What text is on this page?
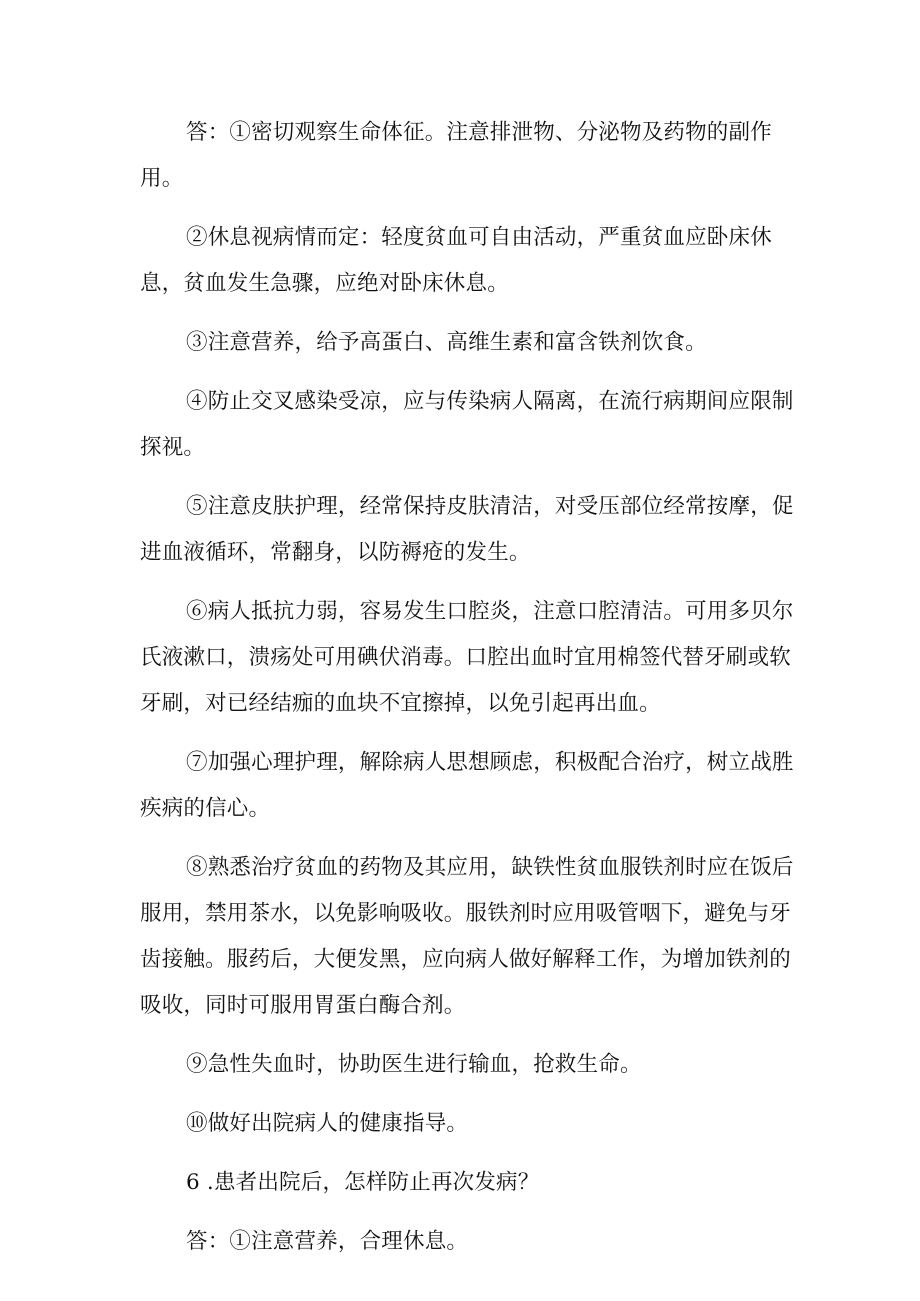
答：①密切观察生命体征。注意排泄物、分泌物及药物的副作用。

②休息视病情而定：轻度贫血可自由活动，严重贫血应卧床休息，贫血发生急骤，应绝对卧床休息。

③注意营养，给予高蛋白、高维生素和富含铁剂饮食。

④防止交叉感染受凉，应与传染病人隔离，在流行病期间应限制探视。

⑤注意皮肤护理，经常保持皮肤清洁，对受压部位经常按摩，促进血液循环，常翻身，以防褥疮的发生。

⑥病人抵抗力弱，容易发生口腔炎，注意口腔清洁。可用多贝尔氏液漱口，溃疡处可用碘伏消毒。口腔出血时宜用棉签代替牙刷或软牙刷，对已经结痂的血块不宜擦掉，以免引起再出血。

⑦加强心理护理，解除病人思想顾虑，积极配合治疗，树立战胜疾病的信心。

⑧熟悉治疗贫血的药物及其应用，缺铁性贫血服铁剂时应在饭后服用，禁用茶水，以免影响吸收。服铁剂时应用吸管咽下，避免与牙齿接触。服药后，大便发黑，应向病人做好解释工作，为增加铁剂的吸收，同时可服用胃蛋白酶合剂。

⑨急性失血时，协助医生进行输血，抢救生命。

⑩做好出院病人的健康指导。

6 .患者出院后，怎样防止再次发病？

答：①注意营养，合理休息。
